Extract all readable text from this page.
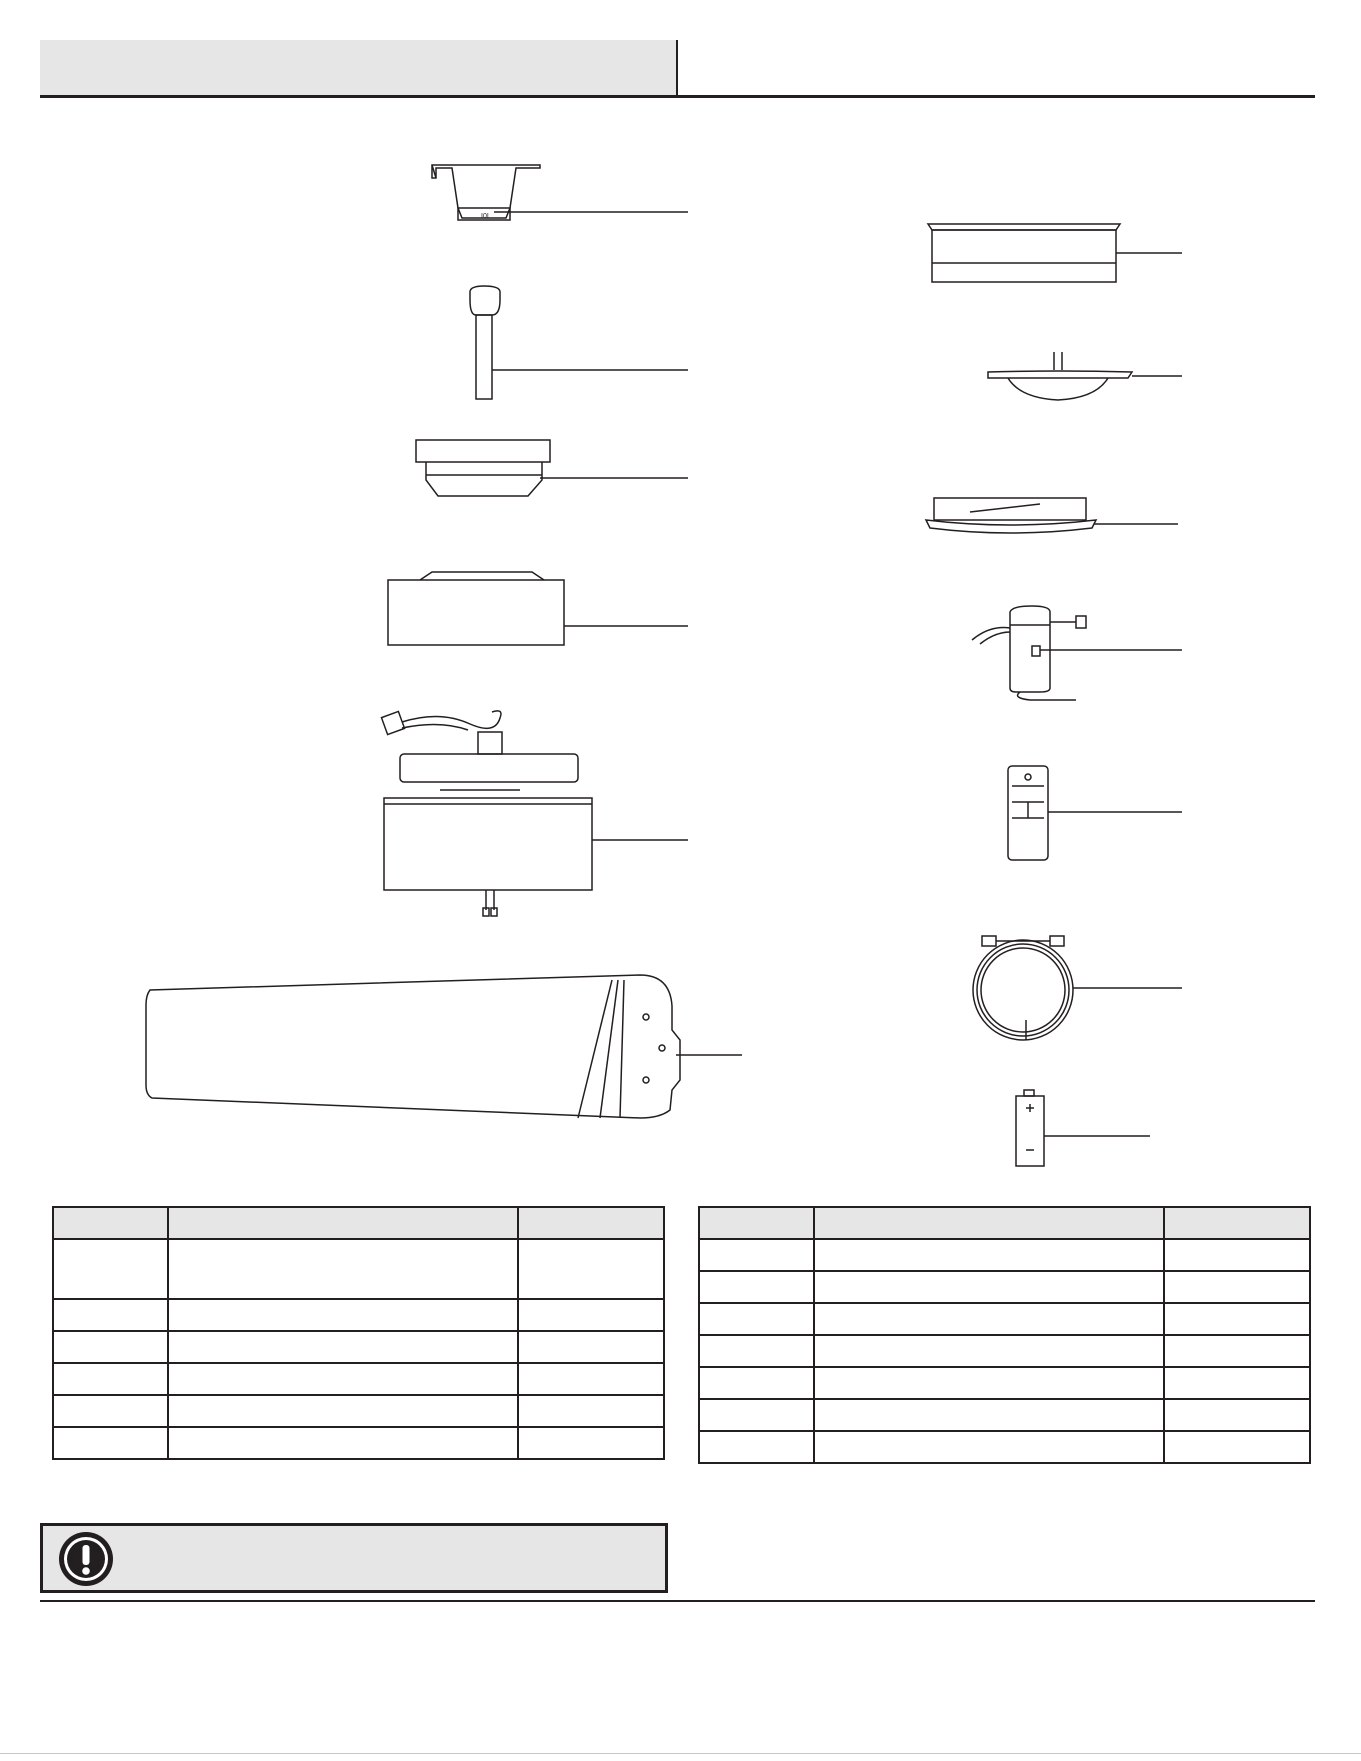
I0I
